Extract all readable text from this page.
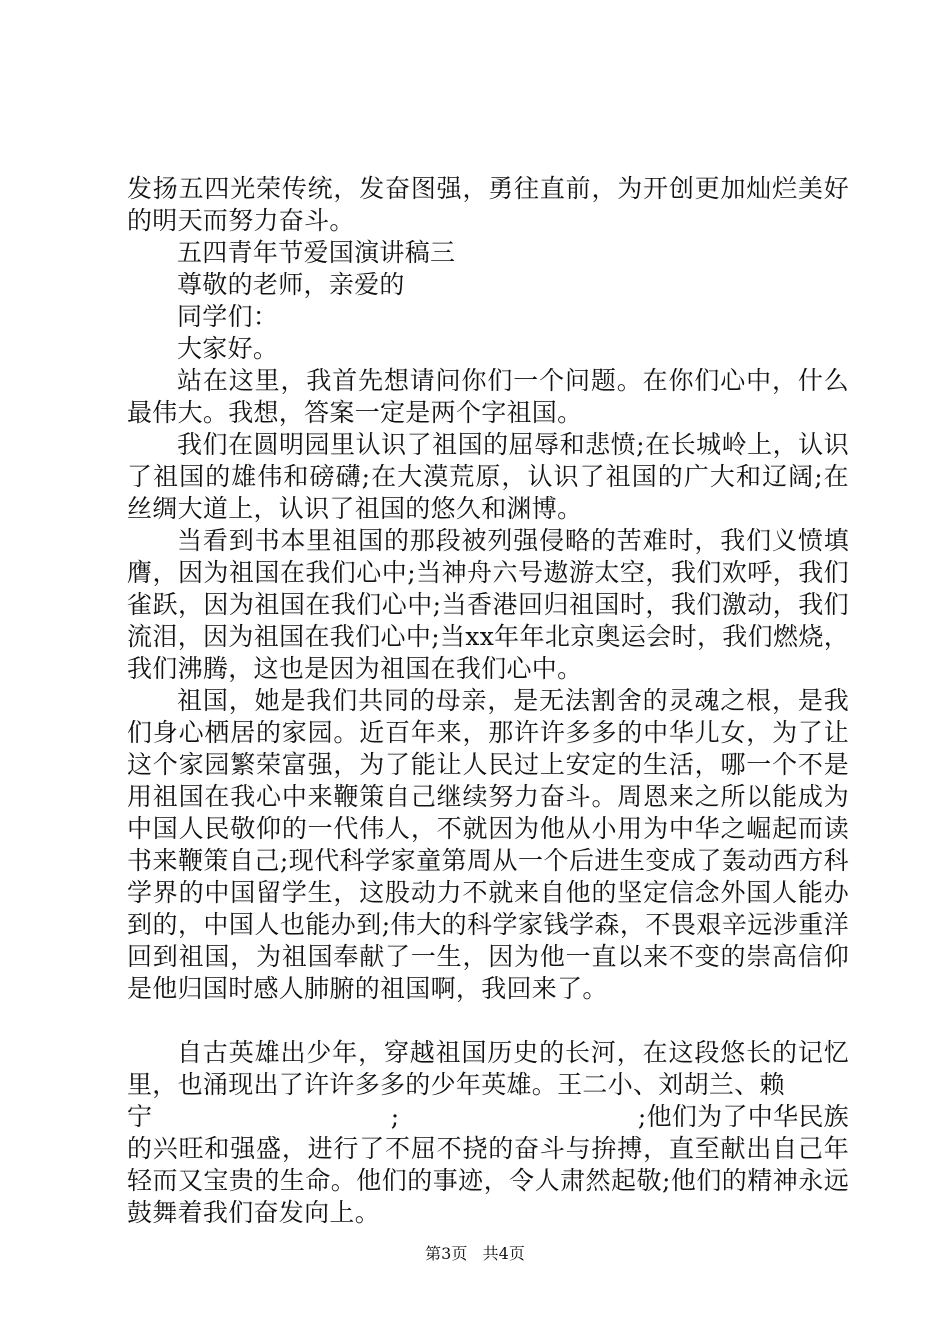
发扬五四光荣传统，发奋图强，勇往直前，为开创更加灿烂美好的明天而努力奋斗。

五四青年节爱国演讲稿三

尊敬的老师，亲爱的

同学们：

大家好。

站在这里，我首先想请问你们一个问题。在你们心中，什么最伟大。我想，答案一定是两个字祖国。

我们在圆明园里认识了祖国的屈辱和悲愤;在长城岭上，认识了祖国的雄伟和磅礴;在大漠荒原，认识了祖国的广大和辽阔;在丝绸大道上，认识了祖国的悠久和渊博。

当看到书本里祖国的那段被列强侵略的苦难时，我们义愤填膺，因为祖国在我们心中;当神舟六号遨游太空，我们欢呼，我们雀跃，因为祖国在我们心中;当香港回归祖国时，我们激动，我们流泪，因为祖国在我们心中;当xx年年北京奥运会时，我们燃烧，我们沸腾，这也是因为祖国在我们心中。

祖国，她是我们共同的母亲，是无法割舍的灵魂之根，是我们身心栖居的家园。近百年来，那许许多多的中华儿女，为了让这个家园繁荣富强，为了能让人民过上安定的生活，哪一个不是用祖国在我心中来鞭策自己继续努力奋斗。周恩来之所以能成为中国人民敬仰的一代伟人，不就因为他从小用为中华之崛起而读书来鞭策自己;现代科学家童第周从一个后进生变成了轰动西方科学界的中国留学生，这股动力不就来自他的坚定信念外国人能办到的，中国人也能办到;伟大的科学家钱学森，不畏艰辛远涉重洋回到祖国，为祖国奉献了一生，因为他一直以来不变的崇高信仰是他归国时感人肺腑的祖国啊，我回来了。

自古英雄出少年，穿越祖国历史的长河，在这段悠长的记忆里，也涌现出了许许多多的少年英雄。王二小、刘胡兰、赖

宁	;	;他们为了中华民族

的兴旺和强盛，进行了不屈不挠的奋斗与拚搏，直至献出自己年轻而又宝贵的生命。他们的事迹，令人肃然起敬;他们的精神永远鼓舞着我们奋发向上。

第3页 共4页
